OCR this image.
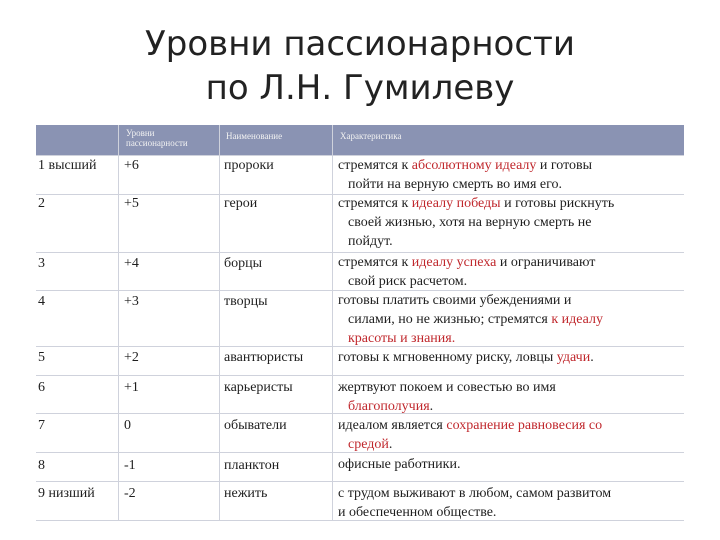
Уровни пассионарности
по Л.Н. Гумилеву
Уровни пассионарности
Наименование	Характеристика
1 высший
2
3
4
5
6
7
8
9 низший
+6
+5
+4
+3
+2
+1
0
-1
-2
пророки
герои
борцы
творцы
авантюристы
карьеристы
обыватели
планктон
нежить
стремятся к абсолютному идеалу и готовы
пойти на верную смерть во имя его.
стремятся к идеалу победы и готовы рискнуть
своей жизнью, хотя на верную смерть не
пойдут.
стремятся к идеалу успеха и ограничивают
свой риск расчетом.
готовы платить своими убеждениями и
силами, но не жизнью; стремятся к идеалу
красоты и знания.
готовы к мгновенному риску, ловцы удачи.
жертвуют покоем и совестью во имя
благополучия.
идеалом является сохранение равновесия со
средой.
офисные работники.
с трудом выживают в любом, самом развитом
и обеспеченном обществе.
